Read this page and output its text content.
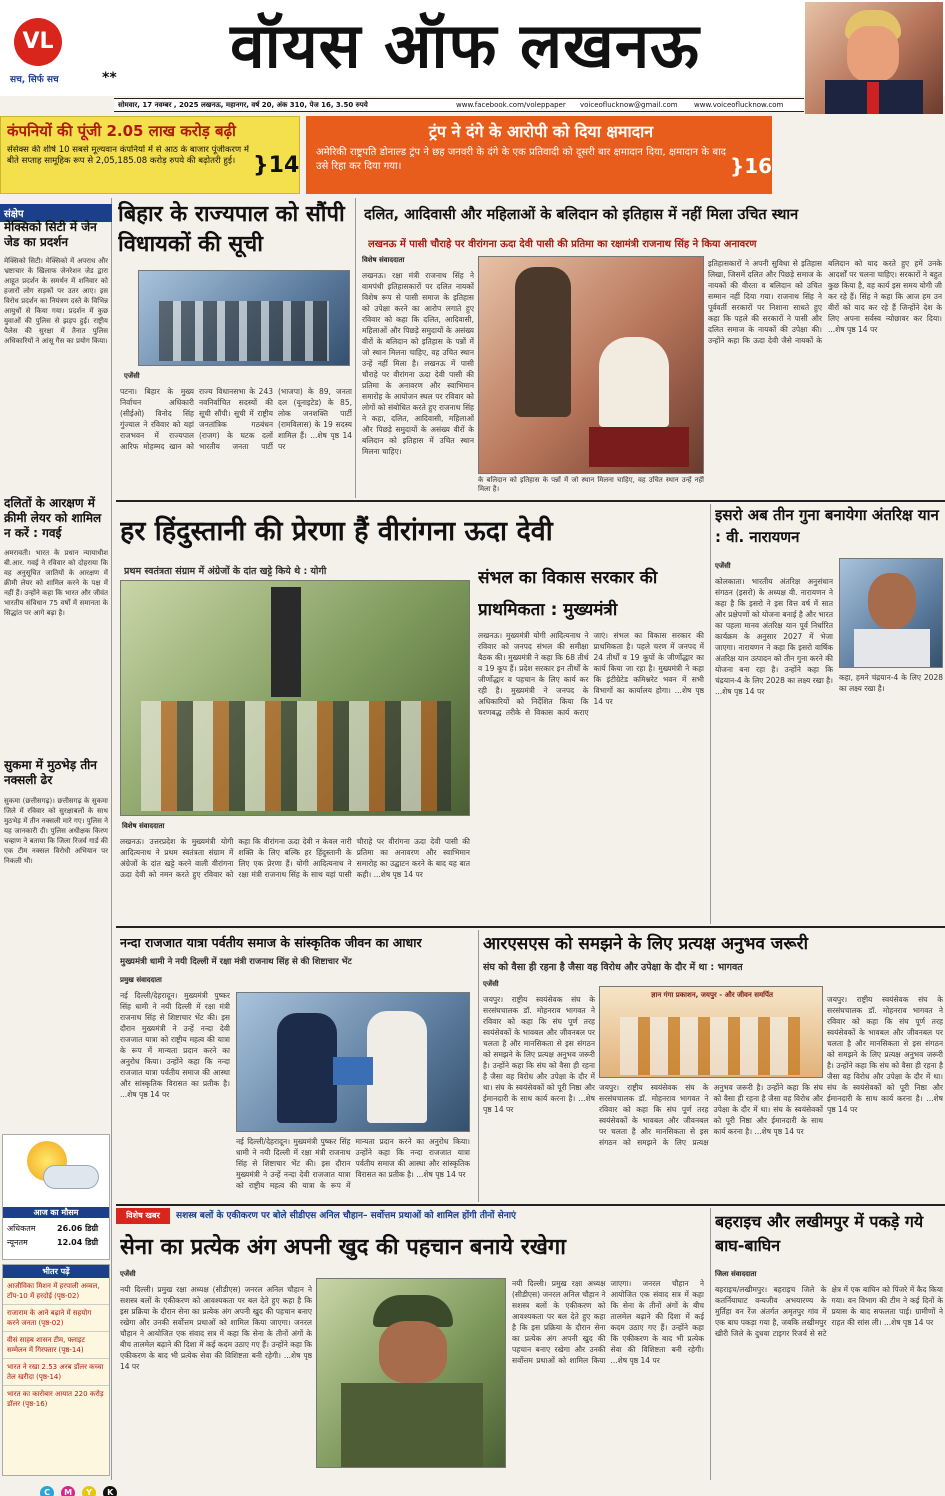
VL
सच, सिर्फ सच	**	वॉयस ऑफ लखनऊ
सोमवार, 17 नवम्बर , 2025 लखनऊ, महानगर, वर्ष 20, अंक 310, पेज 16, 3.50 रुपये	www.facebook.com/voleppaper voiceoflucknow@gmail.com www.voiceoflucknow.com
कंपनियों की पूंजी 2.05 लाख करोड़ बढ़ी
सेंसेक्स की शीर्ष 10 सबसे मूल्यवान कंपनियों में से आठ के बाजार पूंजीकरण में बीते सप्ताह सामूहिक रूप से 2,05,185.08 करोड़ रुपये की बढ़ोतरी हुई। }14
ट्रंप ने दंगे के आरोपी को दिया क्षमादान
अमेरिकी राष्ट्रपति डोनाल्ड ट्रंप ने छह जनवरी के दंगे के एक प्रतिवादी को दूसरी बार क्षमादान दिया, क्षमादान के बाद उसे रिहा कर दिया गया।	}16
संक्षेप
मेक्सिको सिटी में जेन जेड का प्रदर्शन
मेक्सिको सिटी। मेक्सिको में अपराध और भ्रष्टाचार के खिलाफ जेनरेशन जेड द्वारा आहूत प्रदर्शन के समर्थन में शनिवार को हजारों लोग सड़कों पर उतर आए। इस विरोध प्रदर्शन का नियंत्रण दस्ते के विभिन्न आयुधों से किया गया। प्रदर्शन में कुछ युवाओं की पुलिस से झड़प हुई। राष्ट्रीय पैलेस की सुरक्षा में तैनात पुलिस अधिकारियों ने आंसू गैस का प्रयोग किया।
दलितों के आरक्षण में क्रीमी लेयर को शामिल न करें : गवई
अमरावती। भारत के प्रधान न्यायाधीश बी.आर. गवई ने रविवार को दोहराया कि वह अनुसूचित जातियों के आरक्षण में क्रीमी लेयर को शामिल करने के पक्ष में नहीं हैं। उन्होंने कहा कि भारत और जीवंत भारतीय संविधान 75 वर्षों में समानता के सिद्धांत पर आगे बढ़ा है।
सुकमा में मुठभेड़ तीन नक्सली ढेर
सुकमा (छत्तीसगढ़)। छत्तीसगढ़ के सुकमा जिले में रविवार को सुरक्षाबलों के साथ मुठभेड़ में तीन नक्सली मारे गए। पुलिस ने यह जानकारी दी। पुलिस अधीक्षक किरण चव्हाण ने बताया कि जिला रिजर्व गार्ड की एक टीम नक्सल विरोधी अभियान पर निकली थी।
आज का मौसम
अधिकतम	26.06 डिग्री
न्यूनतम	12.04 डिग्री
भीतर पढ़ें
आजीविका मिशन में हरपाली अव्वल, टॉप-10 में हरदोई (पृष्ठ-02)
राजाराम के आने बढ़ाने में सहयोग करने जनता (पृष्ठ-02)
वीसं साहब शासन टीम, फ्लाइट सम्मेलन में गिरफ्तार (पृष्ठ-14)
भारत ने रखा 2.53 अरब डॉलर कच्चा तेल खरीदा (पृष्ठ-14)
भारत का कारोबार आयात 220 करोड़ डॉलर (पृष्ठ-16)
बिहार के राज्यपाल को सौंपी विधायकों की सूची
एजेंसी
पटना। बिहार के मुख्य निर्वाचन अधिकारी (सीईओ) विनोद सिंह गुंज्याल ने रविवार को यहां राजभवन में राज्यपाल आरिफ मोहम्मद खान को राज्य विधानसभा के 243 नवनिर्वाचित सदस्यों की सूची सौंपी। सूची में राष्ट्रीय जनतांत्रिक गठबंधन (राजग) के घटक दलों भारतीय जनता पार्टी (भाजपा) के 89, जनता दल (यूनाइटेड) के 85, लोक जनशक्ति पार्टी (रामविलास) के 19 सदस्य शामिल हैं। ...शेष पृष्ठ 14 पर
दलित, आदिवासी और महिलाओं के बलिदान को इतिहास में नहीं मिला उचित स्थान
लखनऊ में पासी चौराहे पर वीरांगना ऊदा देवी पासी की प्रतिमा का रक्षामंत्री राजनाथ सिंह ने किया अनावरण
विशेष संवाददाता
लखनऊ। रक्षा मंत्री राजनाथ सिंह ने वामपंथी इतिहासकारों पर दलित नायकों विशेष रूप से पासी समाज के इतिहास को उपेक्षा करने का आरोप लगाते हुए रविवार को कहा कि दलित, आदिवासी, महिलाओं और पिछड़े समुदायों के असंख्य वीरों के बलिदान को इतिहास के पन्नों में जो स्थान मिलना चाहिए, वह उचित स्थान उन्हें नहीं मिला है। लखनऊ में पासी चौराहे पर वीरांगना ऊदा देवी पासी की प्रतिमा के अनावरण और स्वाभिमान समारोह के आयोजन स्थल पर रविवार को लोगों को संबोधित करते हुए राजनाथ सिंह ने कहा, दलित, आदिवासी, महिलाओं और पिछड़े समुदायों के असंख्य वीरों के बलिदान को इतिहास में उचित स्थान मिलना चाहिए।
के बलिदान को इतिहास के पन्नों में जो स्थान मिलना चाहिए, वह उचित स्थान उन्हें नहीं मिला है।
इतिहासकारों ने अपनी सुविधा से इतिहास लिखा, जिसमें दलित और पिछड़े समाज के नायकों की वीरता व बलिदान को उचित सम्मान नहीं दिया गया। राजनाथ सिंह ने पूर्ववर्ती सरकारों पर निशाना साधते हुए कहा कि पहले की सरकारों ने पासी और दलित समाज के नायकों की उपेक्षा की। उन्होंने कहा कि ऊदा देवी जैसे नायकों के बलिदान को याद करते हुए हमें उनके आदर्शों पर चलना चाहिए। सरकारों ने बहुत कुछ किया है, वह कार्य इस समय योगी जी कर रहे हैं। सिंह ने कहा कि आज हम उन वीरों को याद कर रहे हैं जिन्होंने देश के लिए अपना सर्वस्व न्योछावर कर दिया। ...शेष पृष्ठ 14 पर
हर हिंदुस्तानी की प्रेरणा हैं वीरांगना ऊदा देवी
प्रथम स्वतंत्रता संग्राम में अंग्रेजों के दांत खट्टे किये थे : योगी
विशेष संवाददाता
लखनऊ। उत्तरप्रदेश के मुख्यमंत्री योगी आदित्यनाथ ने प्रथम स्वतंत्रता संग्राम में अंग्रेजों के दांत खट्टे करने वाली वीरांगना ऊदा देवी को नमन करते हुए रविवार को कहा कि वीरांगना ऊदा देवी न केवल नारी शक्ति के लिए बल्कि हर हिंदुस्तानी के लिए एक प्रेरणा हैं। योगी आदित्यनाथ ने रक्षा मंत्री राजनाथ सिंह के साथ यहां पासी चौराहे पर वीरांगना ऊदा देवी पासी की प्रतिमा का अनावरण और स्वाभिमान समारोह का उद्घाटन करने के बाद यह बात कही। ...शेष पृष्ठ 14 पर
संभल का विकास सरकार की प्राथमिकता : मुख्यमंत्री
लखनऊ। मुख्यमंत्री योगी आदित्यनाथ ने रविवार को जनपद संभल की समीक्षा बैठक की। मुख्यमंत्री ने कहा कि 68 तीर्थ व 19 कूप हैं। प्रदेश सरकार इन तीर्थों के जीर्णोद्धार व पहचान के लिए कार्य कर रही है। मुख्यमंत्री ने जनपद के अधिकारियों को निर्देशित किया कि चरणबद्ध तरीके से विकास कार्य कराए जाएं। संभल का विकास सरकार की प्राथमिकता है। पहले चरण में जनपद में 24 तीर्थों व 19 कूपों के जीर्णोद्धार का कार्य किया जा रहा है। मुख्यमंत्री ने कहा कि इंटीग्रेटेड कमिश्नरेट भवन में सभी विभागों का कार्यालय होगा। ...शेष पृष्ठ 14 पर
इसरो अब तीन गुना बनायेगा अंतरिक्ष यान : वी. नारायणन
एजेंसी
कोलकाता। भारतीय अंतरिक्ष अनुसंधान संगठन (इसरो) के अध्यक्ष वी. नारायणन ने कहा है कि इसरो ने इस वित्त वर्ष में सात और प्रक्षेपणों को योजना बनाई है और भारत का पहला मानव अंतरिक्ष यान पूर्व निर्धारित कार्यक्रम के अनुसार 2027 में भेजा जाएगा। नारायणन ने कहा कि इसरो वार्षिक अंतरिक्ष यान उत्पादन को तीन गुना करने की योजना बना रहा है। उन्होंने कहा कि चंद्रयान-4 के लिए 2028 का लक्ष्य रखा है। ...शेष पृष्ठ 14 पर
कहा, हमने चंद्रयान-4 के लिए 2028 का लक्ष्य रखा है।
नन्दा राजजात यात्रा पर्वतीय समाज के सांस्कृतिक जीवन का आधार
मुख्यमंत्री धामी ने नयी दिल्ली में रक्षा मंत्री राजनाथ सिंह से की शिष्टाचार भेंट
प्रमुख संवाददाता
नई दिल्ली/देहरादून। मुख्यमंत्री पुष्कर सिंह धामी ने नयी दिल्ली में रक्षा मंत्री राजनाथ सिंह से शिष्टाचार भेंट की। इस दौरान मुख्यमंत्री ने उन्हें नन्दा देवी राजजात यात्रा को राष्ट्रीय महत्व की यात्रा के रूप में मान्यता प्रदान करने का अनुरोध किया। उन्होंने कहा कि नन्दा राजजात यात्रा पर्वतीय समाज की आस्था और सांस्कृतिक विरासत का प्रतीक है। ...शेष पृष्ठ 14 पर
नई दिल्ली/देहरादून। मुख्यमंत्री पुष्कर सिंह धामी ने नयी दिल्ली में रक्षा मंत्री राजनाथ सिंह से शिष्टाचार भेंट की। इस दौरान मुख्यमंत्री ने उन्हें नन्दा देवी राजजात यात्रा को राष्ट्रीय महत्व की यात्रा के रूप में मान्यता प्रदान करने का अनुरोध किया। उन्होंने कहा कि नन्दा राजजात यात्रा पर्वतीय समाज की आस्था और सांस्कृतिक विरासत का प्रतीक है। ...शेष पृष्ठ 14 पर
आरएसएस को समझने के लिए प्रत्यक्ष अनुभव जरूरी
संघ को वैसा ही रहना है जैसा वह विरोध और उपेक्षा के दौर में था : भागवत
एजेंसी
जयपुर। राष्ट्रीय स्वयंसेवक संघ के सरसंघचालक डॉ. मोहनराव भागवत ने रविवार को कहा कि संघ पूर्ण तरह स्वयंसेवकों के भावबल और जीवनबल पर चलता है और मानसिकता से इस संगठन को समझने के लिए प्रत्यक्ष अनुभव जरूरी है। उन्होंने कहा कि संघ को वैसा ही रहना है जैसा वह विरोध और उपेक्षा के दौर में था। संघ के स्वयंसेवकों को पूरी निष्ठा और ईमानदारी के साथ कार्य करना है। ...शेष पृष्ठ 14 पर
ज्ञान गंगा प्रकाशन, जयपुर - और जीवन समर्पित
जयपुर। राष्ट्रीय स्वयंसेवक संघ के सरसंघचालक डॉ. मोहनराव भागवत ने रविवार को कहा कि संघ पूर्ण तरह स्वयंसेवकों के भावबल और जीवनबल पर चलता है और मानसिकता से इस संगठन को समझने के लिए प्रत्यक्ष अनुभव जरूरी है। उन्होंने कहा कि संघ को वैसा ही रहना है जैसा वह विरोध और उपेक्षा के दौर में था। संघ के स्वयंसेवकों को पूरी निष्ठा और ईमानदारी के साथ कार्य करना है। ...शेष पृष्ठ 14 पर
जयपुर। राष्ट्रीय स्वयंसेवक संघ के सरसंघचालक डॉ. मोहनराव भागवत ने रविवार को कहा कि संघ पूर्ण तरह स्वयंसेवकों के भावबल और जीवनबल पर चलता है और मानसिकता से इस संगठन को समझने के लिए प्रत्यक्ष अनुभव जरूरी है। उन्होंने कहा कि संघ को वैसा ही रहना है जैसा वह विरोध और उपेक्षा के दौर में था। संघ के स्वयंसेवकों को पूरी निष्ठा और ईमानदारी के साथ कार्य करना है। ...शेष पृष्ठ 14 पर
विशेष खबर	सशस्त्र बलों के एकीकरण पर बोले सीडीएस अनिल चौहान– सर्वोत्तम प्रथाओं को शामिल होंगी तीनों सेनाएं
सेना का प्रत्येक अंग अपनी खुद की पहचान बनाये रखेगा
एजेंसी
नयी दिल्ली। प्रमुख रक्षा अध्यक्ष (सीडीएस) जनरल अनिल चौहान ने सशस्त्र बलों के एकीकरण को आवश्यकता पर बल देते हुए कहा है कि इस प्रक्रिया के दौरान सेना का प्रत्येक अंग अपनी खुद की पहचान बनाए रखेगा और उनकी सर्वोत्तम प्रथाओं को शामिल किया जाएगा। जनरल चौहान ने आयोजित एक संवाद सत्र में कहा कि सेना के तीनों अंगों के बीच तालमेल बढ़ाने की दिशा में कई कदम उठाए गए हैं। उन्होंने कहा कि एकीकरण के बाद भी प्रत्येक सेवा की विशिष्टता बनी रहेगी। ...शेष पृष्ठ 14 पर
नयी दिल्ली। प्रमुख रक्षा अध्यक्ष (सीडीएस) जनरल अनिल चौहान ने सशस्त्र बलों के एकीकरण को आवश्यकता पर बल देते हुए कहा है कि इस प्रक्रिया के दौरान सेना का प्रत्येक अंग अपनी खुद की पहचान बनाए रखेगा और उनकी सर्वोत्तम प्रथाओं को शामिल किया जाएगा। जनरल चौहान ने आयोजित एक संवाद सत्र में कहा कि सेना के तीनों अंगों के बीच तालमेल बढ़ाने की दिशा में कई कदम उठाए गए हैं। उन्होंने कहा कि एकीकरण के बाद भी प्रत्येक सेवा की विशिष्टता बनी रहेगी। ...शेष पृष्ठ 14 पर
बहराइच और लखीमपुर में पकड़े गये बाघ-बाघिन
जिला संवाददाता
बहराइच/लखीमपुर। बहराइच जिले के कतर्नियाघाट वन्यजीव अभयारण्य के मुर्तिहा वन रेंज अंतर्गत अमृतपुर गांव में एक बाघ पकड़ा गया है, जबकि लखीमपुर खीरी जिले के दुधवा टाइगर रिजर्व से सटे क्षेत्र में एक बाघिन को पिंजरे में कैद किया गया। वन विभाग की टीम ने कई दिनों के प्रयास के बाद सफलता पाई। ग्रामीणों ने राहत की सांस ली। ...शेष पृष्ठ 14 पर
C M Y K
